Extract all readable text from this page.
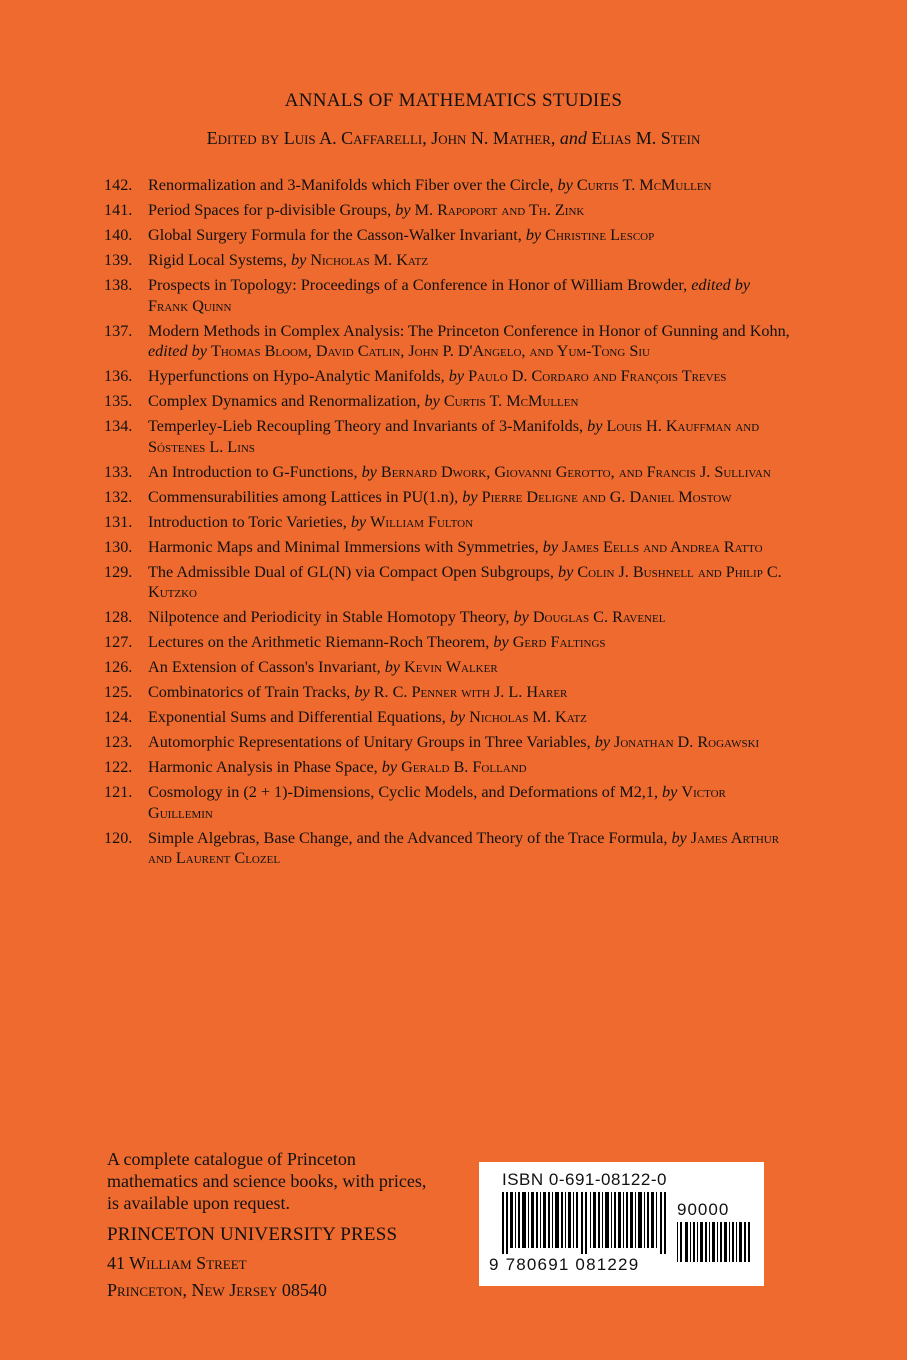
ANNALS OF MATHEMATICS STUDIES
Edited by Luis A. Caffarelli, John N. Mather, and Elias M. Stein
142. Renormalization and 3-Manifolds which Fiber over the Circle, by Curtis T. McMullen
141. Period Spaces for p-divisible Groups, by M. Rapoport and Th. Zink
140. Global Surgery Formula for the Casson-Walker Invariant, by Christine Lescop
139. Rigid Local Systems, by Nicholas M. Katz
138. Prospects in Topology: Proceedings of a Conference in Honor of William Browder, edited by Frank Quinn
137. Modern Methods in Complex Analysis: The Princeton Conference in Honor of Gunning and Kohn, edited by Thomas Bloom, David Catlin, John P. D'Angelo, and Yum-Tong Siu
136. Hyperfunctions on Hypo-Analytic Manifolds, by Paulo D. Cordaro and François Treves
135. Complex Dynamics and Renormalization, by Curtis T. McMullen
134. Temperley-Lieb Recoupling Theory and Invariants of 3-Manifolds, by Louis H. Kauffman and Sóstenes L. Lins
133. An Introduction to G-Functions, by Bernard Dwork, Giovanni Gerotto, and Francis J. Sullivan
132. Commensurabilities among Lattices in PU(1.n), by Pierre Deligne and G. Daniel Mostow
131. Introduction to Toric Varieties, by William Fulton
130. Harmonic Maps and Minimal Immersions with Symmetries, by James Eells and Andrea Ratto
129. The Admissible Dual of GL(N) via Compact Open Subgroups, by Colin J. Bushnell and Philip C. Kutzko
128. Nilpotence and Periodicity in Stable Homotopy Theory, by Douglas C. Ravenel
127. Lectures on the Arithmetic Riemann-Roch Theorem, by Gerd Faltings
126. An Extension of Casson's Invariant, by Kevin Walker
125. Combinatorics of Train Tracks, by R. C. Penner with J. L. Harer
124. Exponential Sums and Differential Equations, by Nicholas M. Katz
123. Automorphic Representations of Unitary Groups in Three Variables, by Jonathan D. Rogawski
122. Harmonic Analysis in Phase Space, by Gerald B. Folland
121. Cosmology in (2 + 1)-Dimensions, Cyclic Models, and Deformations of M2,1, by Victor Guillemin
120. Simple Algebras, Base Change, and the Advanced Theory of the Trace Formula, by James Arthur and Laurent Clozel
A complete catalogue of Princeton mathematics and science books, with prices, is available upon request.
PRINCETON UNIVERSITY PRESS
41 William Street
Princeton, New Jersey 08540
ISBN 0-691-08122-0
90000
9 780691 081229
